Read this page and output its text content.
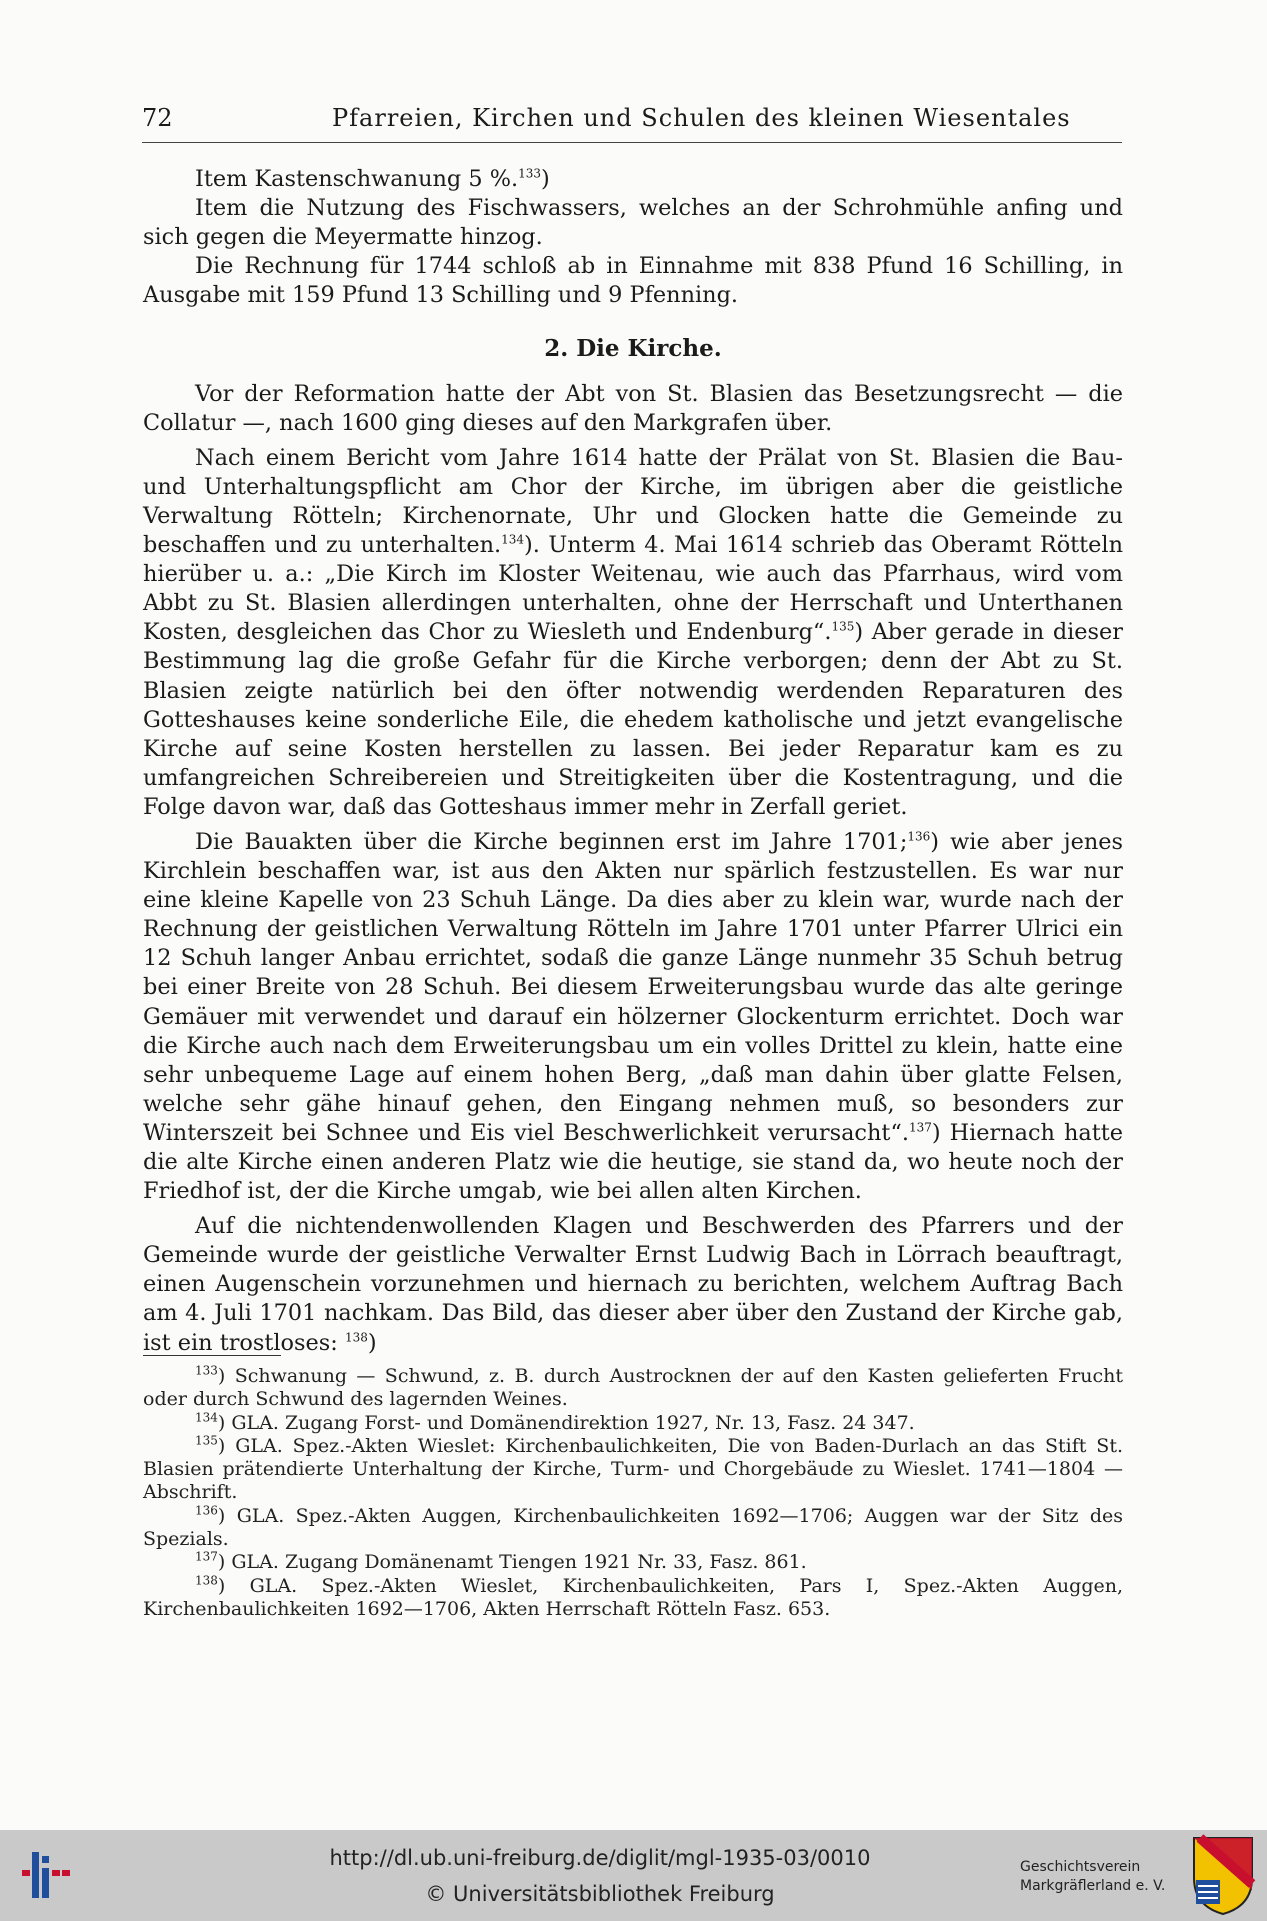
72	Pfarreien, Kirchen und Schulen des kleinen Wiesentales

Item Kastenschwanung 5 %.$^{133}$)

Item die Nutzung des Fischwassers, welches an der Schrohmühle anfing und sich gegen die Meyermatte hinzog.

Die Rechnung für 1744 schloß ab in Einnahme mit 838 Pfund 16 Schilling, in Ausgabe mit 159 Pfund 13 Schilling und 9 Pfenning.

2. Die Kirche.

Vor der Reformation hatte der Abt von St. Blasien das Besetzungsrecht — die Collatur —, nach 1600 ging dieses auf den Markgrafen über.

Nach einem Bericht vom Jahre 1614 hatte der Prälat von St. Blasien die Bau- und Unterhaltungspflicht am Chor der Kirche, im übrigen aber die geistliche Verwaltung Rötteln; Kirchenornate, Uhr und Glocken hatte die Gemeinde zu beschaffen und zu unterhalten.$^{134}$). Unterm 4. Mai 1614 schrieb das Oberamt Rötteln hierüber u. a.: „Die Kirch im Kloster Weitenau, wie auch das Pfarrhaus, wird vom Abbt zu St. Blasien allerdingen unterhalten, ohne der Herrschaft und Unterthanen Kosten, desgleichen das Chor zu Wiesleth und Endenburg“.$^{135}$) Aber gerade in dieser Bestimmung lag die große Gefahr für die Kirche verborgen; denn der Abt zu St. Blasien zeigte natürlich bei den öfter notwendig werdenden Reparaturen des Gotteshauses keine sonderliche Eile, die ehedem katholische und jetzt evangelische Kirche auf seine Kosten herstellen zu lassen. Bei jeder Reparatur kam es zu umfangreichen Schreibereien und Streitigkeiten über die Kostentragung, und die Folge davon war, daß das Gotteshaus immer mehr in Zerfall geriet.

Die Bauakten über die Kirche beginnen erst im Jahre 1701;$^{136}$) wie aber jenes Kirchlein beschaffen war, ist aus den Akten nur spärlich festzustellen. Es war nur eine kleine Kapelle von 23 Schuh Länge. Da dies aber zu klein war, wurde nach der Rechnung der geistlichen Verwaltung Rötteln im Jahre 1701 unter Pfarrer Ulrici ein 12 Schuh langer Anbau errichtet, sodaß die ganze Länge nunmehr 35 Schuh betrug bei einer Breite von 28 Schuh. Bei diesem Erweiterungsbau wurde das alte geringe Gemäuer mit verwendet und darauf ein hölzerner Glockenturm errichtet. Doch war die Kirche auch nach dem Erweiterungsbau um ein volles Drittel zu klein, hatte eine sehr unbequeme Lage auf einem hohen Berg, „daß man dahin über glatte Felsen, welche sehr gähe hinauf gehen, den Eingang nehmen muß, so besonders zur Winterszeit bei Schnee und Eis viel Beschwerlichkeit verursacht“.$^{137}$) Hiernach hatte die alte Kirche einen anderen Platz wie die heutige, sie stand da, wo heute noch der Friedhof ist, der die Kirche umgab, wie bei allen alten Kirchen.

Auf die nichtendenwollenden Klagen und Beschwerden des Pfarrers und der Gemeinde wurde der geistliche Verwalter Ernst Ludwig Bach in Lörrach beauftragt, einen Augenschein vorzunehmen und hiernach zu berichten, welchem Auftrag Bach am 4. Juli 1701 nachkam. Das Bild, das dieser aber über den Zustand der Kirche gab, ist ein trostloses: $^{138}$)

$^{133}$) Schwanung — Schwund, z. B. durch Austrocknen der auf den Kasten gelieferten Frucht oder durch Schwund des lagernden Weines.

$^{134}$) GLA. Zugang Forst- und Domänendirektion 1927, Nr. 13, Fasz. 24 347.

$^{135}$) GLA. Spez.-Akten Wieslet: Kirchenbaulichkeiten, Die von Baden-Durlach an das Stift St. Blasien prätendierte Unterhaltung der Kirche, Turm- und Chorgebäude zu Wieslet. 1741—1804 — Abschrift.

$^{136}$) GLA. Spez.-Akten Auggen, Kirchenbaulichkeiten 1692—1706; Auggen war der Sitz des Spezials.

$^{137}$) GLA. Zugang Domänenamt Tiengen 1921 Nr. 33, Fasz. 861.

$^{138}$) GLA. Spez.-Akten Wieslet, Kirchenbaulichkeiten, Pars I, Spez.-Akten Auggen, Kirchenbaulichkeiten 1692—1706, Akten Herrschaft Rötteln Fasz. 653.

http://dl.ub.uni-freiburg.de/diglit/mgl-1935-03/0010
© Universitätsbibliothek Freiburg
Geschichtsverein
Markgräflerland e. V.
